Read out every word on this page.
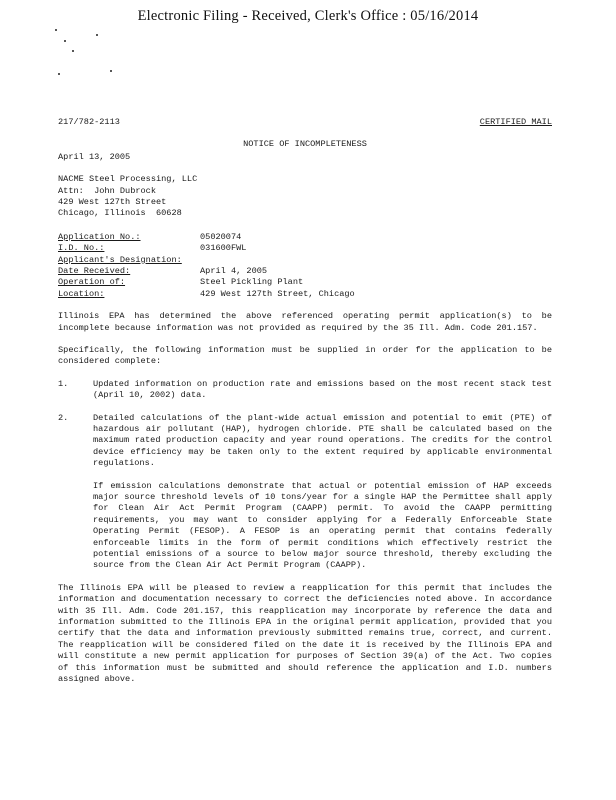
Electronic Filing - Received, Clerk's Office : 05/16/2014
217/782-2113	CERTIFIED MAIL
NOTICE OF INCOMPLETENESS
April 13, 2005
NACME Steel Processing, LLC
Attn:  John Dubrock
429 West 127th Street
Chicago, Illinois  60628
Application No.:	05020074
I.D. No.:	031600FWL
Applicant's Designation:
Date Received:	April 4, 2005
Operation of:	Steel Pickling Plant
Location:	429 West 127th Street, Chicago
Illinois EPA has determined the above referenced operating permit application(s) to be incomplete because information was not provided as required by the 35 Ill. Adm. Code 201.157.
Specifically, the following information must be supplied in order for the application to be considered complete:
1.	Updated information on production rate and emissions based on the most recent stack test (April 10, 2002) data.
2.	Detailed calculations of the plant-wide actual emission and potential to emit (PTE) of hazardous air pollutant (HAP), hydrogen chloride. PTE shall be calculated based on the maximum rated production capacity and year round operations. The credits for the control device efficiency may be taken only to the extent required by applicable environmental regulations.
If emission calculations demonstrate that actual or potential emission of HAP exceeds major source threshold levels of 10 tons/year for a single HAP the Permittee shall apply for Clean Air Act Permit Program (CAAPP) permit. To avoid the CAAPP permitting requirements, you may want to consider applying for a Federally Enforceable State Operating Permit (FESOP). A FESOP is an operating permit that contains federally enforceable limits in the form of permit conditions which effectively restrict the potential emissions of a source to below major source threshold, thereby excluding the source from the Clean Air Act Permit Program (CAAPP).
The Illinois EPA will be pleased to review a reapplication for this permit that includes the information and documentation necessary to correct the deficiencies noted above. In accordance with 35 Ill. Adm. Code 201.157, this reapplication may incorporate by reference the data and information submitted to the Illinois EPA in the original permit application, provided that you certify that the data and information previously submitted remains true, correct, and current. The reapplication will be considered filed on the date it is received by the Illinois EPA and will constitute a new permit application for purposes of Section 39(a) of the Act. Two copies of this information must be submitted and should reference the application and I.D. numbers assigned above.
